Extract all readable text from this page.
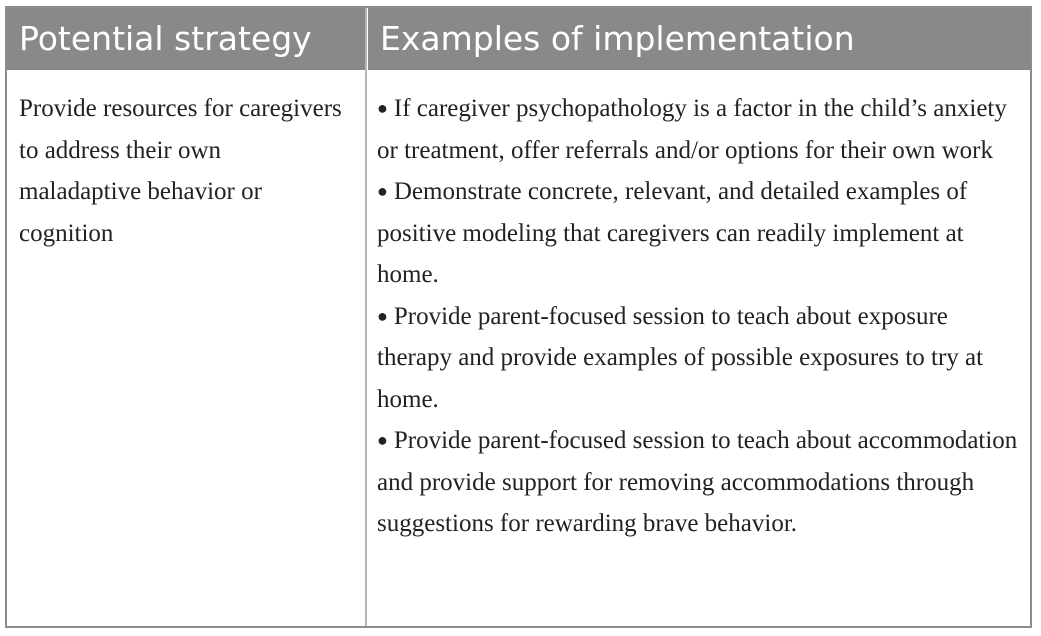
Potential strategy Examples of implementation
Provide resources for caregivers to address their own maladaptive behavior or cognition

● If caregiver psychopathology is a factor in the child’s anxiety or treatment, offer referrals and/or options for their own work

● Demonstrate concrete, relevant, and detailed examples of positive modeling that caregivers can readily implement at home.

● Provide parent-focused session to teach about exposure therapy and provide examples of possible exposures to try at home.

● Provide parent-focused session to teach about accommodation and provide support for removing accommodations through suggestions for rewarding brave behavior.
